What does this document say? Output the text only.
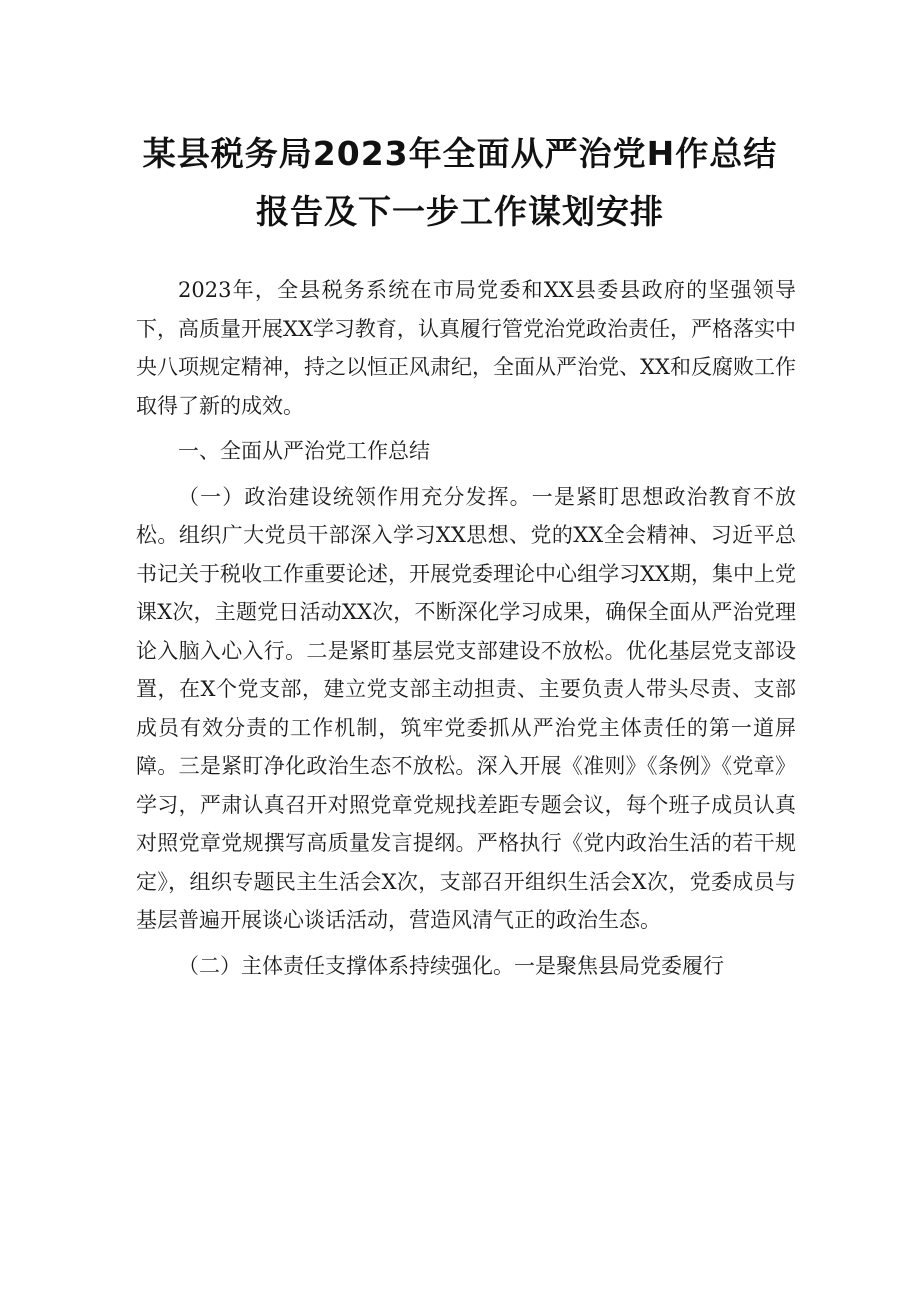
某县税务局2023年全面从严治党H作总结
报告及下一步工作谋划安排

2023年，全县税务系统在市局党委和XX县委县政府的坚强领导下，高质量开展XX学习教育，认真履行管党治党政治责任，严格落实中央八项规定精神，持之以恒正风肃纪，全面从严治党、XX和反腐败工作取得了新的成效。

一、全面从严治党工作总结

（一）政治建设统领作用充分发挥。一是紧盯思想政治教育不放松。组织广大党员干部深入学习XX思想、党的XX全会精神、习近平总书记关于税收工作重要论述，开展党委理论中心组学习XX期，集中上党课X次，主题党日活动XX次，不断深化学习成果，确保全面从严治党理论入脑入心入行。二是紧盯基层党支部建设不放松。优化基层党支部设置，在X个党支部，建立党支部主动担责、主要负责人带头尽责、支部成员有效分责的工作机制，筑牢党委抓从严治党主体责任的第一道屏障。三是紧盯净化政治生态不放松。深入开展《准则》《条例》《党章》学习，严肃认真召开对照党章党规找差距专题会议，每个班子成员认真对照党章党规撰写高质量发言提纲。严格执行《党内政治生活的若干规定》，组织专题民主生活会X次，支部召开组织生活会X次，党委成员与基层普遍开展谈心谈话活动，营造风清气正的政治生态。

（二）主体责任支撑体系持续强化。一是聚焦县局党委履行
